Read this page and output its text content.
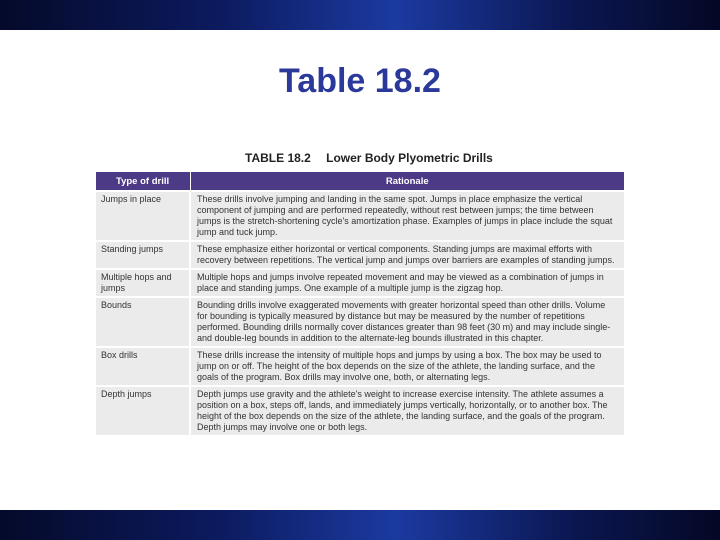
Table 18.2
TABLE 18.2 Lower Body Plyometric Drills
Type of drill	Rationale
Jumps in place	These drills involve jumping and landing in the same spot. Jumps in place emphasize the vertical component of jumping and are performed repeatedly, without rest between jumps; the time between jumps is the stretch-shortening cycle's amortization phase. Examples of jumps in place include the squat jump and tuck jump.
Standing jumps	These emphasize either horizontal or vertical components. Standing jumps are maximal efforts with recovery between repetitions. The vertical jump and jumps over barriers are examples of standing jumps.
Multiple hops and jumps	Multiple hops and jumps involve repeated movement and may be viewed as a combination of jumps in place and standing jumps. One example of a multiple jump is the zigzag hop.
Bounds	Bounding drills involve exaggerated movements with greater horizontal speed than other drills. Volume for bounding is typically measured by distance but may be measured by the number of repetitions performed. Bounding drills normally cover distances greater than 98 feet (30 m) and may include single- and double-leg bounds in addition to the alternate-leg bounds illustrated in this chapter.
Box drills	These drills increase the intensity of multiple hops and jumps by using a box. The box may be used to jump on or off. The height of the box depends on the size of the athlete, the landing surface, and the goals of the program. Box drills may involve one, both, or alternating legs.
Depth jumps	Depth jumps use gravity and the athlete's weight to increase exercise intensity. The athlete assumes a position on a box, steps off, lands, and immediately jumps vertically, horizontally, or to another box. The height of the box depends on the size of the athlete, the landing surface, and the goals of the program. Depth jumps may involve one or both legs.
